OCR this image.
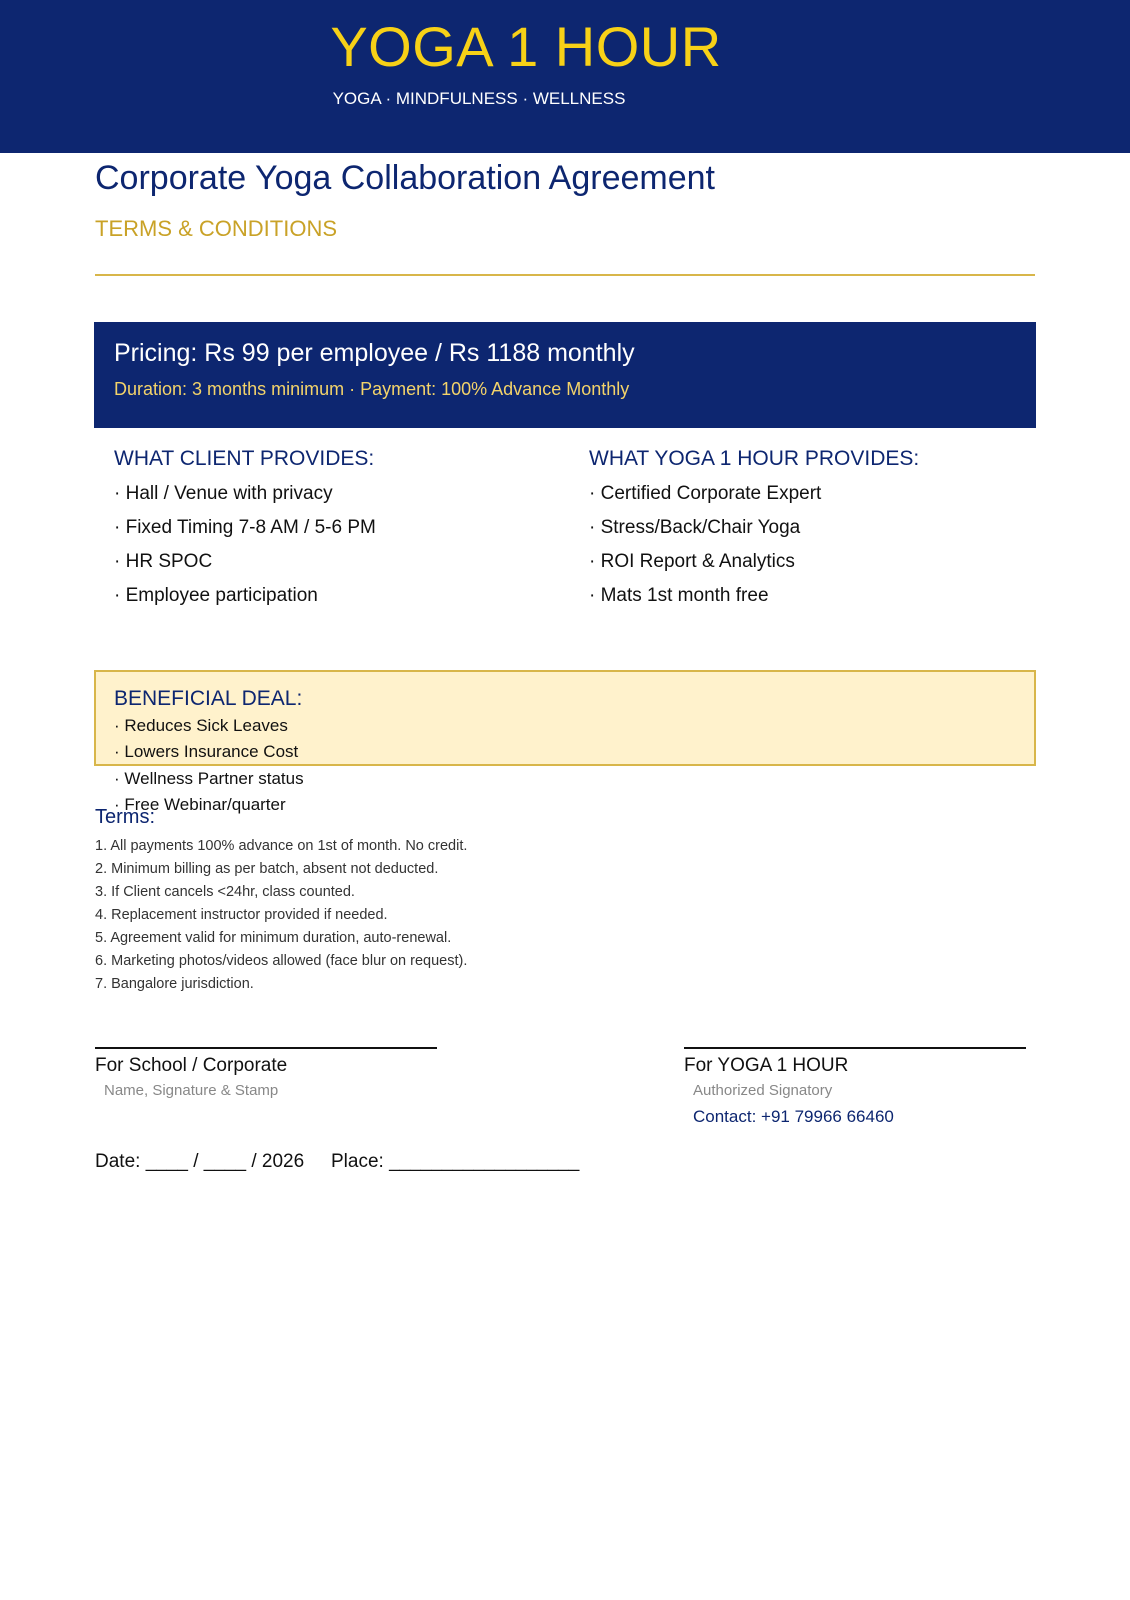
YOGA 1 HOUR
YOGA · MINDFULNESS · WELLNESS
Corporate Yoga Collaboration Agreement
TERMS & CONDITIONS
Pricing: Rs 99 per employee / Rs 1188 monthly
Duration: 3 months minimum · Payment: 100% Advance Monthly
WHAT CLIENT PROVIDES:
· Hall / Venue with privacy
· Fixed Timing 7-8 AM / 5-6 PM
· HR SPOC
· Employee participation
WHAT YOGA 1 HOUR PROVIDES:
· Certified Corporate Expert
· Stress/Back/Chair Yoga
· ROI Report & Analytics
· Mats 1st month free
BENEFICIAL DEAL:
· Reduces Sick Leaves
· Lowers Insurance Cost
· Wellness Partner status
· Free Webinar/quarter
Terms:
1. All payments 100% advance on 1st of month. No credit.
2. Minimum billing as per batch, absent not deducted.
3. If Client cancels <24hr, class counted.
4. Replacement instructor provided if needed.
5. Agreement valid for minimum duration, auto-renewal.
6. Marketing photos/videos allowed (face blur on request).
7. Bangalore jurisdiction.
For School / Corporate
Name, Signature & Stamp
For YOGA 1 HOUR
Authorized Signatory
Contact: +91 79966 66460
Date: ____ / ____ / 2026 Place: __________________
